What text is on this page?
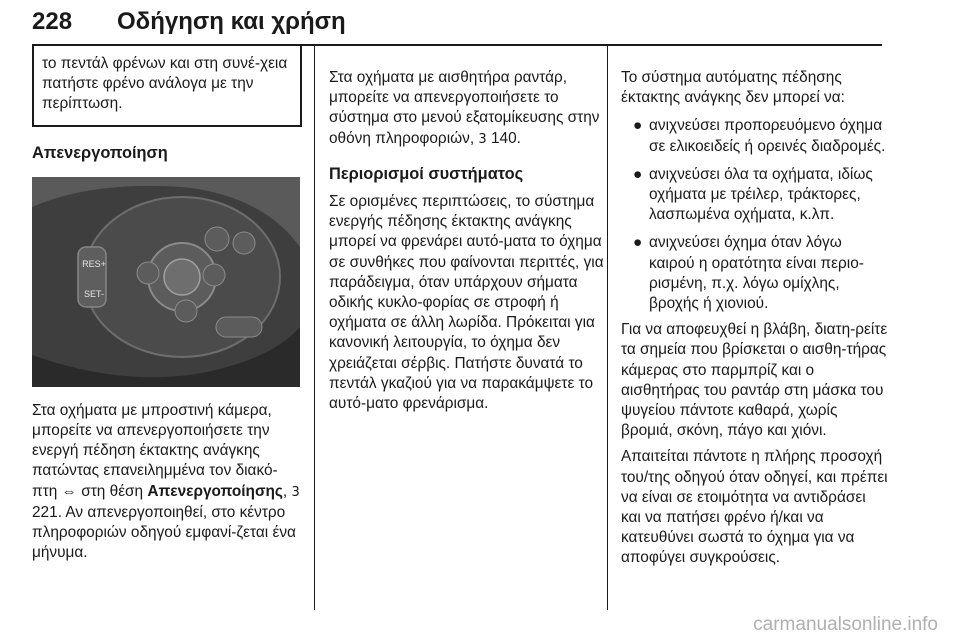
228 Οδήγηση και χρήση

το πεντάλ φρένων και στη συνέ-χεια πατήστε φρένο ανάλογα με την περίπτωση.

Απενεργοποίηση

RES+
SET-

Στα οχήματα με μπροστινή κάμερα, μπορείτε να απενεργοποιήσετε την ενεργή πέδηση έκτακτης ανάγκης πατώντας επανειλημμένα τον διακό-πτη ⇔ στη θέση Απενεργοποίησης, 3 221. Αν απενεργοποιηθεί, στο κέντρο πληροφοριών οδηγού εμφανί-ζεται ένα μήνυμα.

Στα οχήματα με αισθητήρα ραντάρ, μπορείτε να απενεργοποιήσετε το σύστημα στο μενού εξατομίκευσης στην οθόνη πληροφοριών, 3 140.

Περιορισμοί συστήματος

Σε ορισμένες περιπτώσεις, το σύστημα ενεργής πέδησης έκτακτης ανάγκης μπορεί να φρενάρει αυτό-ματα το όχημα σε συνθήκες που φαίνονται περιττές, για παράδειγμα, όταν υπάρχουν σήματα οδικής κυκλο-φορίας σε στροφή ή οχήματα σε άλλη λωρίδα. Πρόκειται για κανονική λειτουργία, το όχημα δεν χρειάζεται σέρβις. Πατήστε δυνατά το πεντάλ γκαζιού για να παρακάμψετε το αυτό-ματο φρενάρισμα.

Το σύστημα αυτόματης πέδησης έκτακτης ανάγκης δεν μπορεί να:

● ανιχνεύσει προπορευόμενο όχημα σε ελικοειδείς ή ορεινές διαδρομές.
● ανιχνεύσει όλα τα οχήματα, ιδίως οχήματα με τρέιλερ, τράκτορες, λασπωμένα οχήματα, κ.λπ.
● ανιχνεύσει όχημα όταν λόγω καιρού η ορατότητα είναι περιο-ρισμένη, π.χ. λόγω ομίχλης, βροχής ή χιονιού.

Για να αποφευχθεί η βλάβη, διατη-ρείτε τα σημεία που βρίσκεται ο αισθη-τήρας κάμερας στο παρμπρίζ και ο αισθητήρας του ραντάρ στη μάσκα του ψυγείου πάντοτε καθαρά, χωρίς βρομιά, σκόνη, πάγο και χιόνι.

Απαιτείται πάντοτε η πλήρης προσοχή του/της οδηγού όταν οδηγεί, και πρέπει να είναι σε ετοιμότητα να αντιδράσει και να πατήσει φρένο ή/και να κατευθύνει σωστά το όχημα για να αποφύγει συγκρούσεις.

carmanualsonline.info
